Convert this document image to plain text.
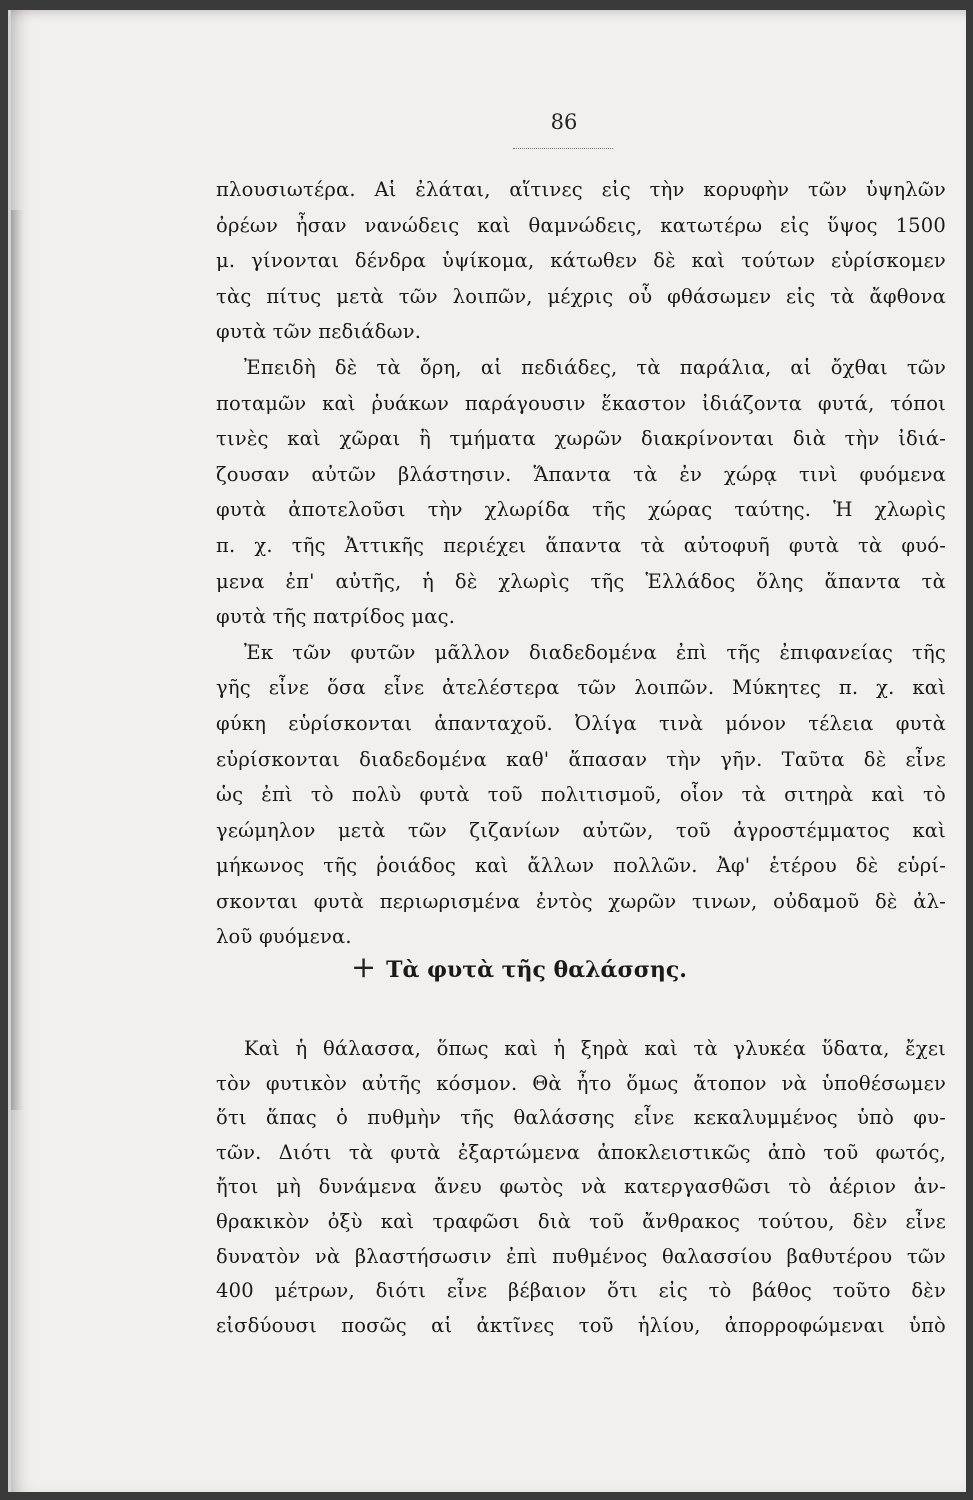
86
πλουσιωτέρα. Αἱ ἐλάται, αἵτινες εἰς τὴν κορυφὴν τῶν ὑψηλῶν
ὀρέων ἦσαν νανώδεις καὶ θαμνώδεις, κατωτέρω εἰς ὕψος 1500
μ. γίνονται δένδρα ὑψίκομα, κάτωθεν δὲ καὶ τούτων εὑρίσκομεν
τὰς πίτυς μετὰ τῶν λοιπῶν, μέχρις οὗ φθάσωμεν εἰς τὰ ἄφθονα
φυτὰ τῶν πεδιάδων.
Ἐπειδὴ δὲ τὰ ὄρη, αἱ πεδιάδες, τὰ παράλια, αἱ ὄχθαι τῶν
ποταμῶν καὶ ῥυάκων παράγουσιν ἕκαστον ἰδιάζοντα φυτά, τόποι
τινὲς καὶ χῶραι ἢ τμήματα χωρῶν διακρίνονται διὰ τὴν ἰδιά-
ζουσαν αὐτῶν βλάστησιν. Ἅπαντα τὰ ἐν χώρᾳ τινὶ φυόμενα
φυτὰ ἀποτελοῦσι τὴν χλωρίδα τῆς χώρας ταύτης. Ἡ χλωρὶς
π. χ. τῆς Ἀττικῆς περιέχει ἅπαντα τὰ αὐτοφυῆ φυτὰ τὰ φυό-
μενα ἐπ' αὐτῆς, ἡ δὲ χλωρὶς τῆς Ἑλλάδος ὅλης ἅπαντα τὰ
φυτὰ τῆς πατρίδος μας.
Ἐκ τῶν φυτῶν μᾶλλον διαδεδομένα ἐπὶ τῆς ἐπιφανείας τῆς
γῆς εἶνε ὅσα εἶνε ἀτελέστερα τῶν λοιπῶν. Μύκητες π. χ. καὶ
φύκη εὑρίσκονται ἁπανταχοῦ. Ὀλίγα τινὰ μόνον τέλεια φυτὰ
εὑρίσκονται διαδεδομένα καθ' ἅπασαν τὴν γῆν. Ταῦτα δὲ εἶνε
ὡς ἐπὶ τὸ πολὺ φυτὰ τοῦ πολιτισμοῦ, οἷον τὰ σιτηρὰ καὶ τὸ
γεώμηλον μετὰ τῶν ζιζανίων αὐτῶν, τοῦ ἀγροστέμματος καὶ
μήκωνος τῆς ῥοιάδος καὶ ἄλλων πολλῶν. Ἀφ' ἑτέρου δὲ εὑρί-
σκονται φυτὰ περιωρισμένα ἐντὸς χωρῶν τινων, οὐδαμοῦ δὲ ἀλ-
λοῦ φυόμενα.
+ Τὰ φυτὰ τῆς θαλάσσης.
Καὶ ἡ θάλασσα, ὅπως καὶ ἡ ξηρὰ καὶ τὰ γλυκέα ὕδατα, ἔχει
τὸν φυτικὸν αὐτῆς κόσμον. Θὰ ἦτο ὅμως ἄτοπον νὰ ὑποθέσωμεν
ὅτι ἅπας ὁ πυθμὴν τῆς θαλάσσης εἶνε κεκαλυμμένος ὑπὸ φυ-
τῶν. Διότι τὰ φυτὰ ἐξαρτώμενα ἀποκλειστικῶς ἀπὸ τοῦ φωτός,
ἤτοι μὴ δυνάμενα ἄνευ φωτὸς νὰ κατεργασθῶσι τὸ ἀέριον ἀν-
θρακικὸν ὀξὺ καὶ τραφῶσι διὰ τοῦ ἄνθρακος τούτου, δὲν εἶνε
δυνατὸν νὰ βλαστήσωσιν ἐπὶ πυθμένος θαλασσίου βαθυτέρου τῶν
400 μέτρων, διότι εἶνε βέβαιον ὅτι εἰς τὸ βάθος τοῦτο δὲν
εἰσδύουσι ποσῶς αἱ ἀκτῖνες τοῦ ἡλίου, ἀπορροφώμεναι ὑπὸ
